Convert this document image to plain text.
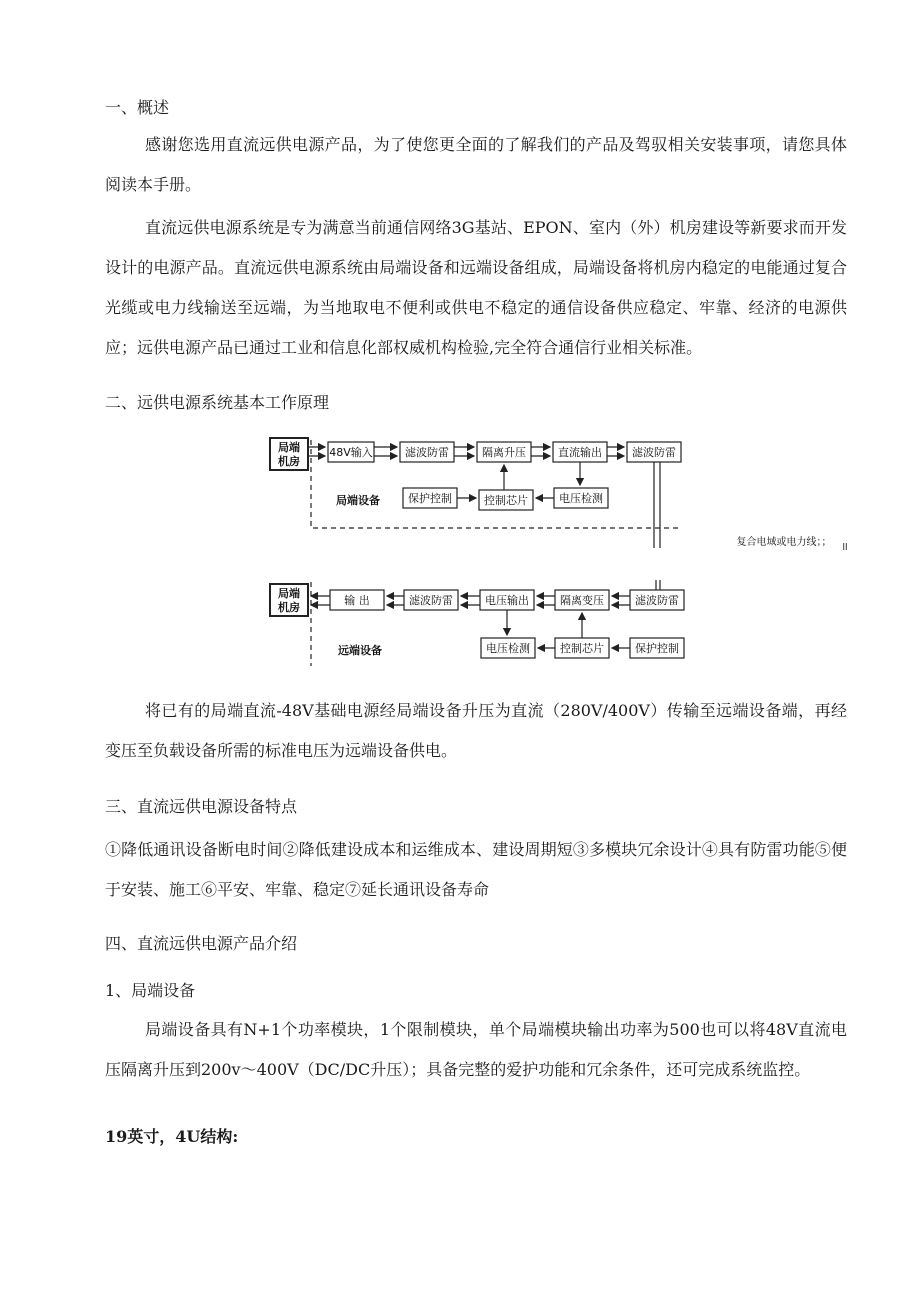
一、概述
感谢您选用直流远供电源产品，为了使您更全面的了解我们的产品及驾驭相关安装事项，请您具体阅读本手册。
直流远供电源系统是专为满意当前通信网络3G基站、EPON、室内（外）机房建设等新要求而开发设计的电源产品。直流远供电源系统由局端设备和远端设备组成，局端设备将机房内稳定的电能通过复合光缆或电力线输送至远端，为当地取电不便利或供电不稳定的通信设备供应稳定、牢靠、经济的电源供应；远供电源产品已通过工业和信息化部权威机构检验,完全符合通信行业相关标准。
二、远供电源系统基本工作原理
局端
机房
48V输入	滤波防雷	隔离升压	直流输出	滤波防雷
保护控制	控制芯片	电压检测
局端设备
复合电域或电力线；； ll
局端
机房
输 出	滤波防雷	电压输出	隔离变压	滤波防雷
电压检测	控制芯片	保护控制
远端设备
将已有的局端直流-48V基础电源经局端设备升压为直流（280V/400V）传输至远端设备端，再经变压至负载设备所需的标准电压为远端设备供电。
三、直流远供电源设备特点
①降低通讯设备断电时间②降低建设成本和运维成本、建设周期短③多模块冗余设计④具有防雷功能⑤便于安装、施工⑥平安、牢靠、稳定⑦延长通讯设备寿命
四、直流远供电源产品介绍
1、局端设备
局端设备具有N+1个功率模块，1个限制模块，单个局端模块输出功率为500也可以将48V直流电压隔离升压到200v～400V（DC/DC升压）；具备完整的爱护功能和冗余条件，还可完成系统监控。
19英寸，4U结构:
